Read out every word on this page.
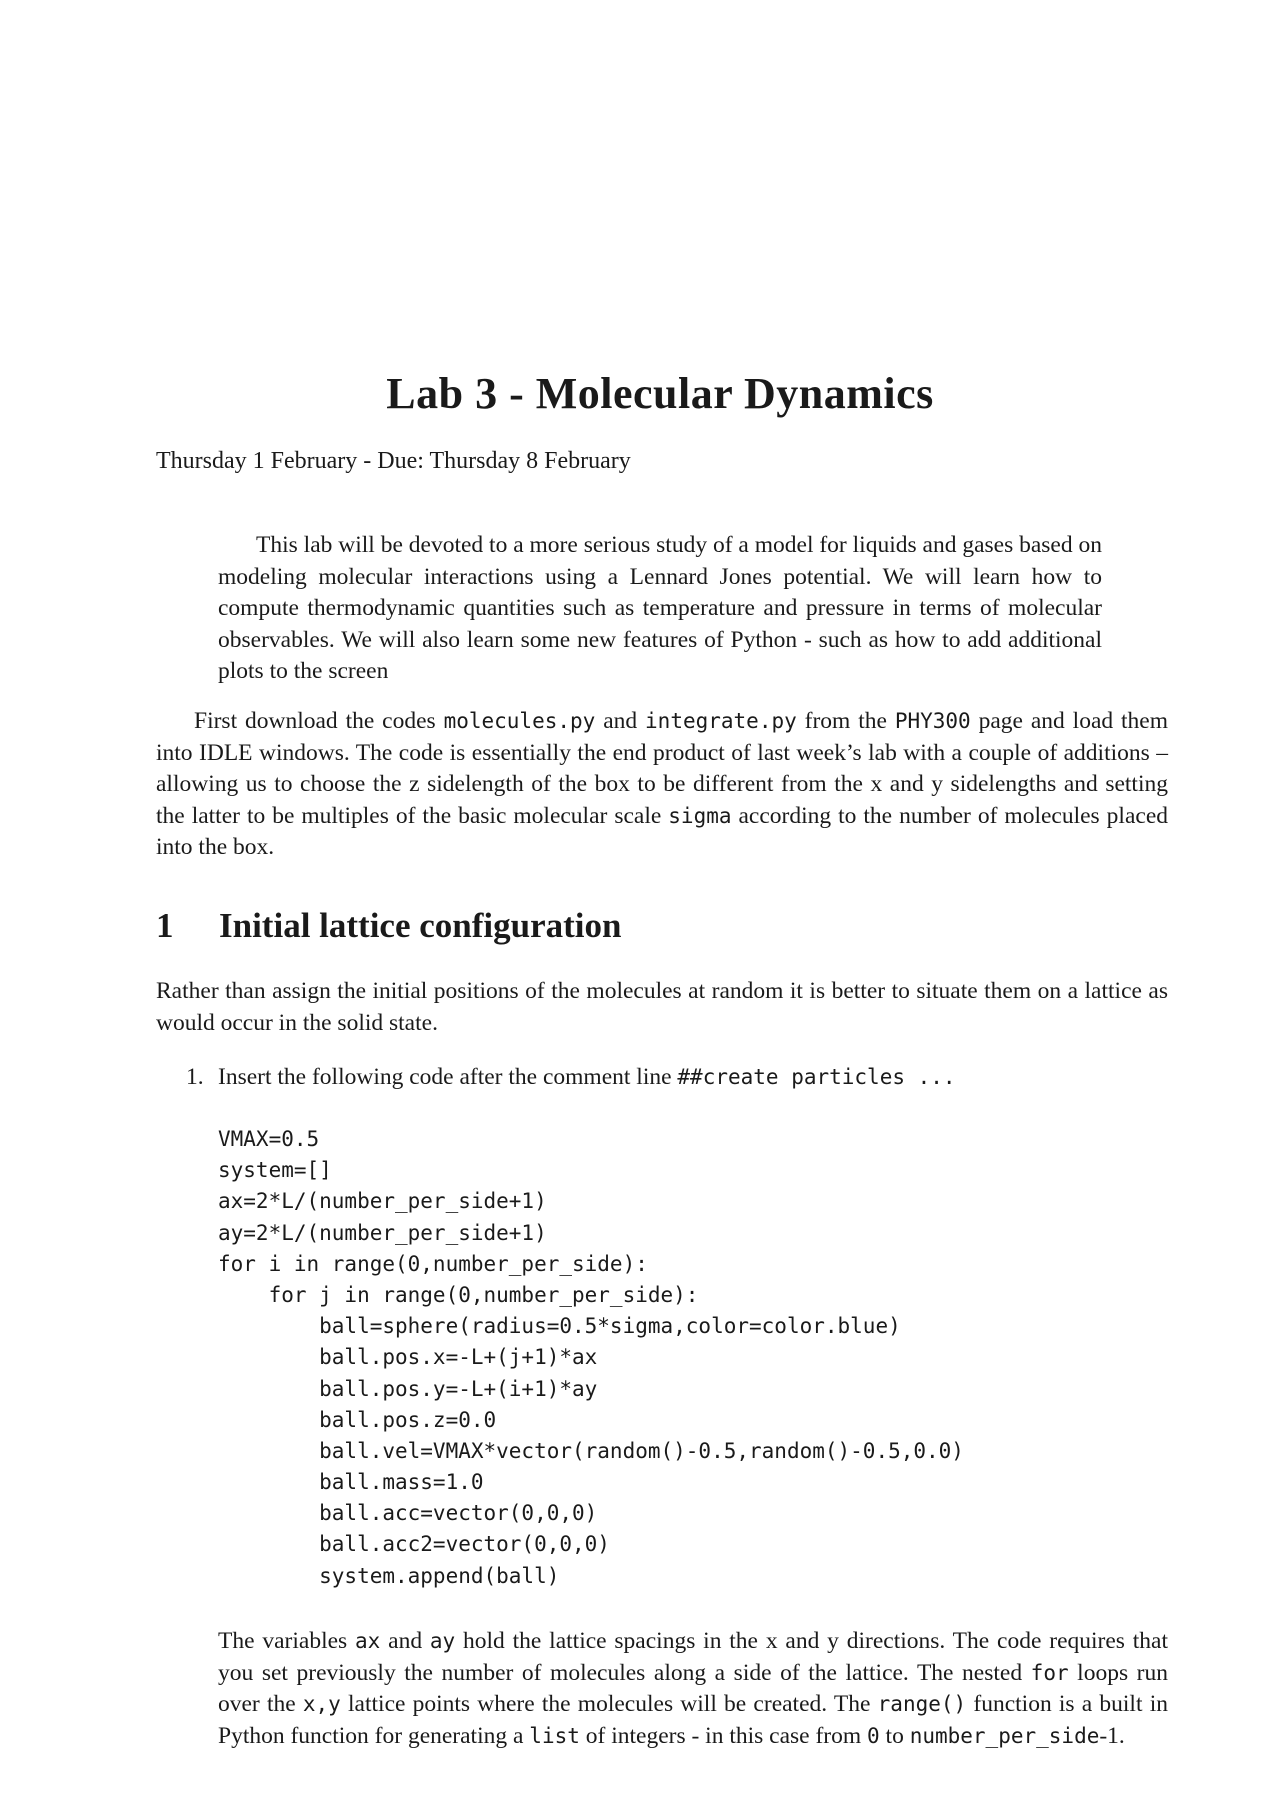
Lab 3 - Molecular Dynamics
Thursday 1 February - Due: Thursday 8 February
This lab will be devoted to a more serious study of a model for liquids and gases based on modeling molecular interactions using a Lennard Jones potential. We will learn how to compute thermodynamic quantities such as temperature and pressure in terms of molecular observables. We will also learn some new features of Python - such as how to add additional plots to the screen
First download the codes molecules.py and integrate.py from the PHY300 page and load them into IDLE windows. The code is essentially the end product of last week’s lab with a couple of additions – allowing us to choose the z sidelength of the box to be different from the x and y sidelengths and setting the latter to be multiples of the basic molecular scale sigma according to the number of molecules placed into the box.
1 Initial lattice configuration
Rather than assign the initial positions of the molecules at random it is better to situate them on a lattice as would occur in the solid state.
1. Insert the following code after the comment line ##create particles ...
VMAX=0.5
system=[]
ax=2*L/(number_per_side+1)
ay=2*L/(number_per_side+1)
for i in range(0,number_per_side):
for j in range(0,number_per_side):
ball=sphere(radius=0.5*sigma,color=color.blue)
ball.pos.x=-L+(j+1)*ax
ball.pos.y=-L+(i+1)*ay
ball.pos.z=0.0
ball.vel=VMAX*vector(random()-0.5,random()-0.5,0.0)
ball.mass=1.0
ball.acc=vector(0,0,0)
ball.acc2=vector(0,0,0)
system.append(ball)
The variables ax and ay hold the lattice spacings in the x and y directions. The code requires that you set previously the number of molecules along a side of the lattice. The nested for loops run over the x,y lattice points where the molecules will be created. The range() function is a built in Python function for generating a list of integers - in this case from 0 to number_per_side-1.
